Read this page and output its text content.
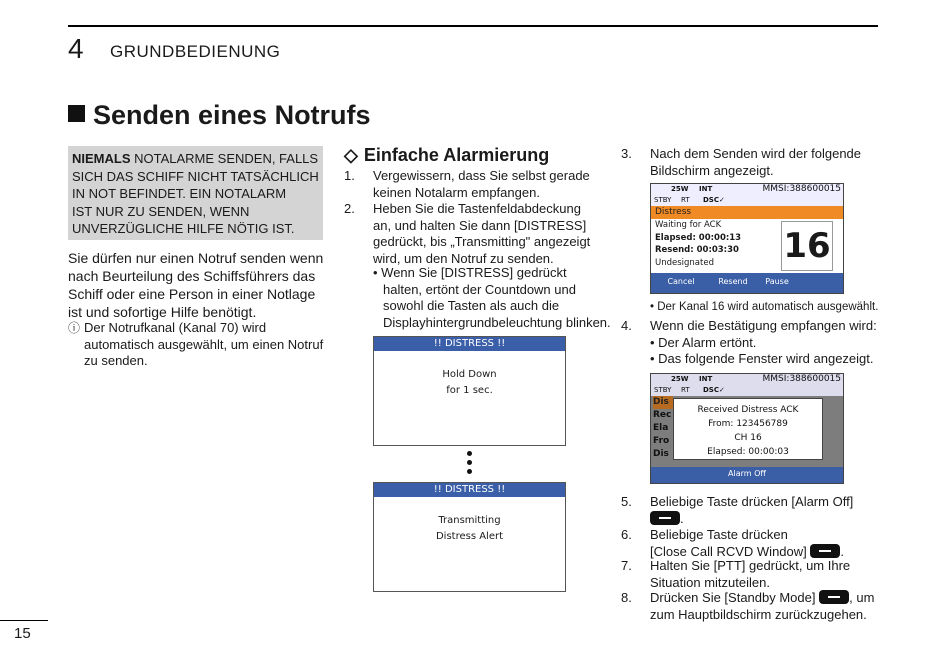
4 GRUNDBEDIENUNG
Senden eines Notrufs
NIEMALS NOTALARME SENDEN, FALLS
SICH DAS SCHIFF NICHT TATSÄCHLICH
IN NOT BEFINDET. EIN NOTALARM
IST NUR ZU SENDEN, WENN
UNVERZÜGLICHE HILFE NÖTIG IST.
Sie dürfen nur einen Notruf senden wenn
nach Beurteilung des Schiffsführers das
Schiff oder eine Person in einer Notlage
ist und sofortige Hilfe benötigt.
ⓘ Der Notrufkanal (Kanal 70) wird
automatisch ausgewählt, um einen Notruf
zu senden.
◇ Einfache Alarmierung
1. Vergewissern, dass Sie selbst gerade
keinen Notalarm empfangen.
2. Heben Sie die Tastenfeldabdeckung
an, und halten Sie dann [DISTRESS]
gedrückt, bis „Transmitting" angezeigt
wird, um den Notruf zu senden.
• Wenn Sie [DISTRESS] gedrückt
halten, ertönt der Countdown und
sowohl die Tasten als auch die
Displayhintergrundbeleuchtung blinken.
!! DISTRESS !!
Hold Down
for 1 sec.
!! DISTRESS !!
Transmitting
Distress Alert
3. Nach dem Senden wird der folgende
Bildschirm angezeigt.
25W INT	MMSI:388600015
STBY RT DSC✓
Distress
Waiting for ACK
Elapsed: 00:00:13
Resend: 00:03:30
Undesignated	16
Cancel	Resend	Pause
• Der Kanal 16 wird automatisch ausgewählt.
4. Wenn die Bestätigung empfangen wird:
• Der Alarm ertönt.
• Das folgende Fenster wird angezeigt.
25W INT	MMSI:388600015
STBY RT DSC✓
Dis
Rec
Ela
Fro
Dis
Received Distress ACK
From: 123456789
CH 16
Elapsed: 00:00:03
Alarm Off
5. Beliebige Taste drücken [Alarm Off]
.
6. Beliebige Taste drücken
[Close Call RCVD Window]	.
7. Halten Sie [PTT] gedrückt, um Ihre
Situation mitzuteilen.
8. Drücken Sie [Standby Mode]	, um
zum Hauptbildschirm zurückzugehen.
15
